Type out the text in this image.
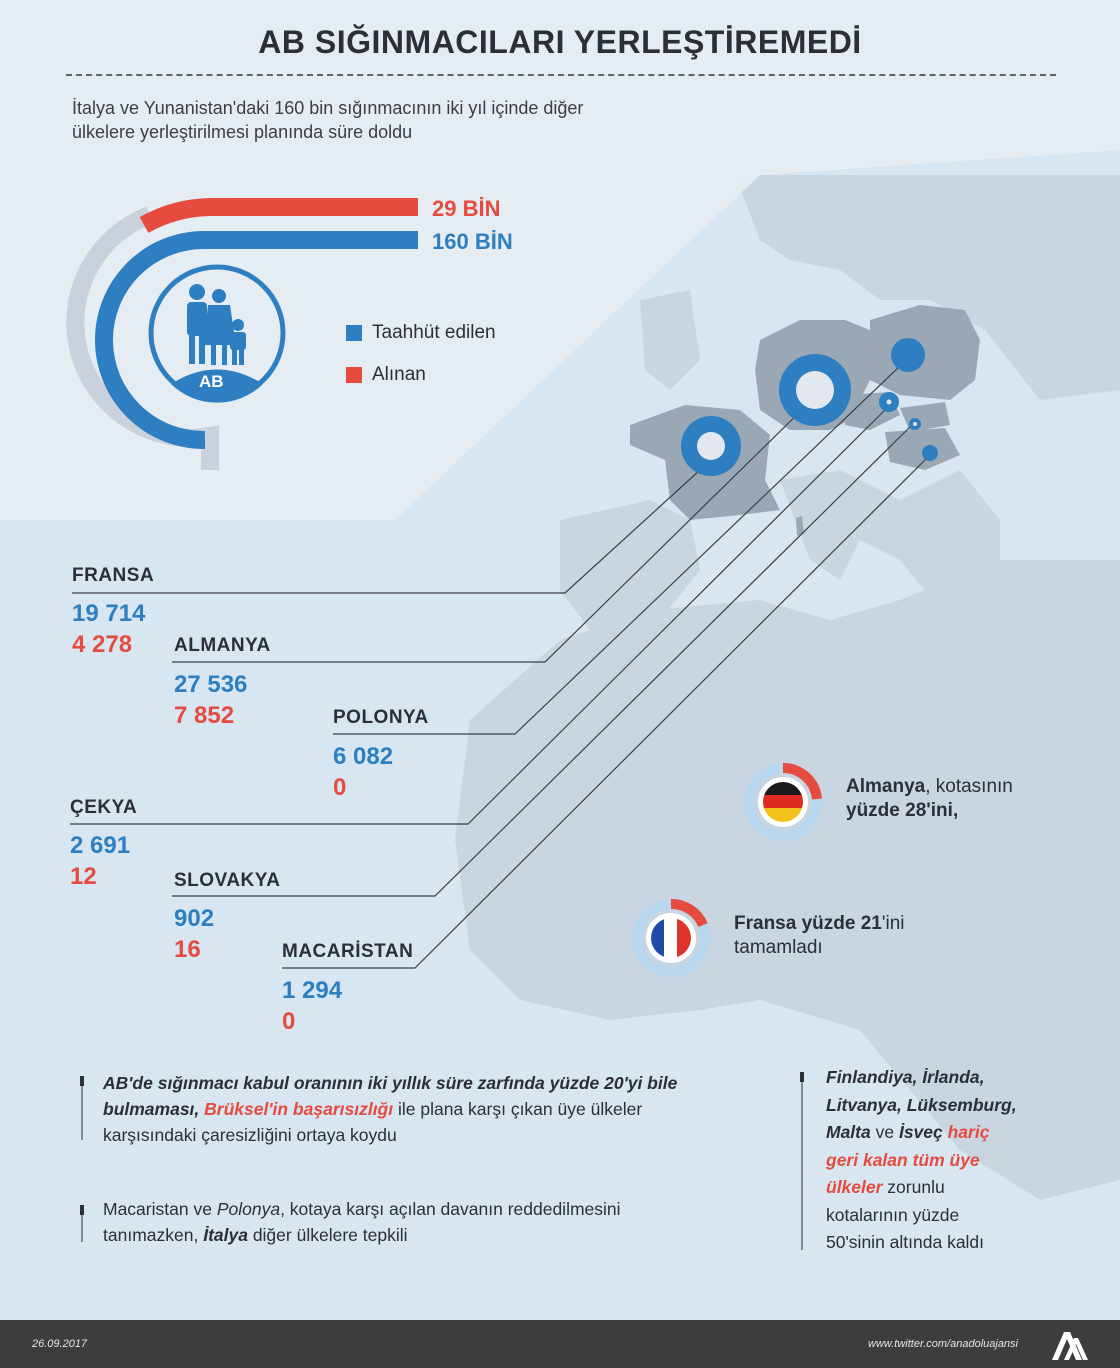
AB SIĞINMACILARI YERLEŞTİREMEDİ
İtalya ve Yunanistan'daki 160 bin sığınmacının iki yıl içinde diğer ülkelere yerleştirilmesi planında süre doldu
29 BİN
160 BİN
AB
Taahhüt edilen
Alınan
FRANSA
19 714
4 278 ALMANYA
27 536
7 852	POLONYA
6 082
0
ÇEKYA
2 691
12	SLOVAKYA
902
16	MACARİSTAN
1 294
0
Almanya, kotasının
yüzde 28'ini,
Fransa yüzde 21'ini
tamamladı
AB'de sığınmacı kabul oranının iki yıllık süre zarfında yüzde 20'yi bile
bulmaması, Brüksel'in başarısızlığı ile plana karşı çıkan üye ülkeler
karşısındaki çaresizliğini ortaya koydu
Macaristan ve Polonya, kotaya karşı açılan davanın reddedilmesini
tanımazken, İtalya diğer ülkelere tepkili
Finlandiya, İrlanda,
Litvanya, Lüksemburg,
Malta ve İsveç hariç
geri kalan tüm üye
ülkeler zorunlu
kotalarının yüzde
50'sinin altında kaldı
26.09.2017	www.twitter.com/anadoluajansi
